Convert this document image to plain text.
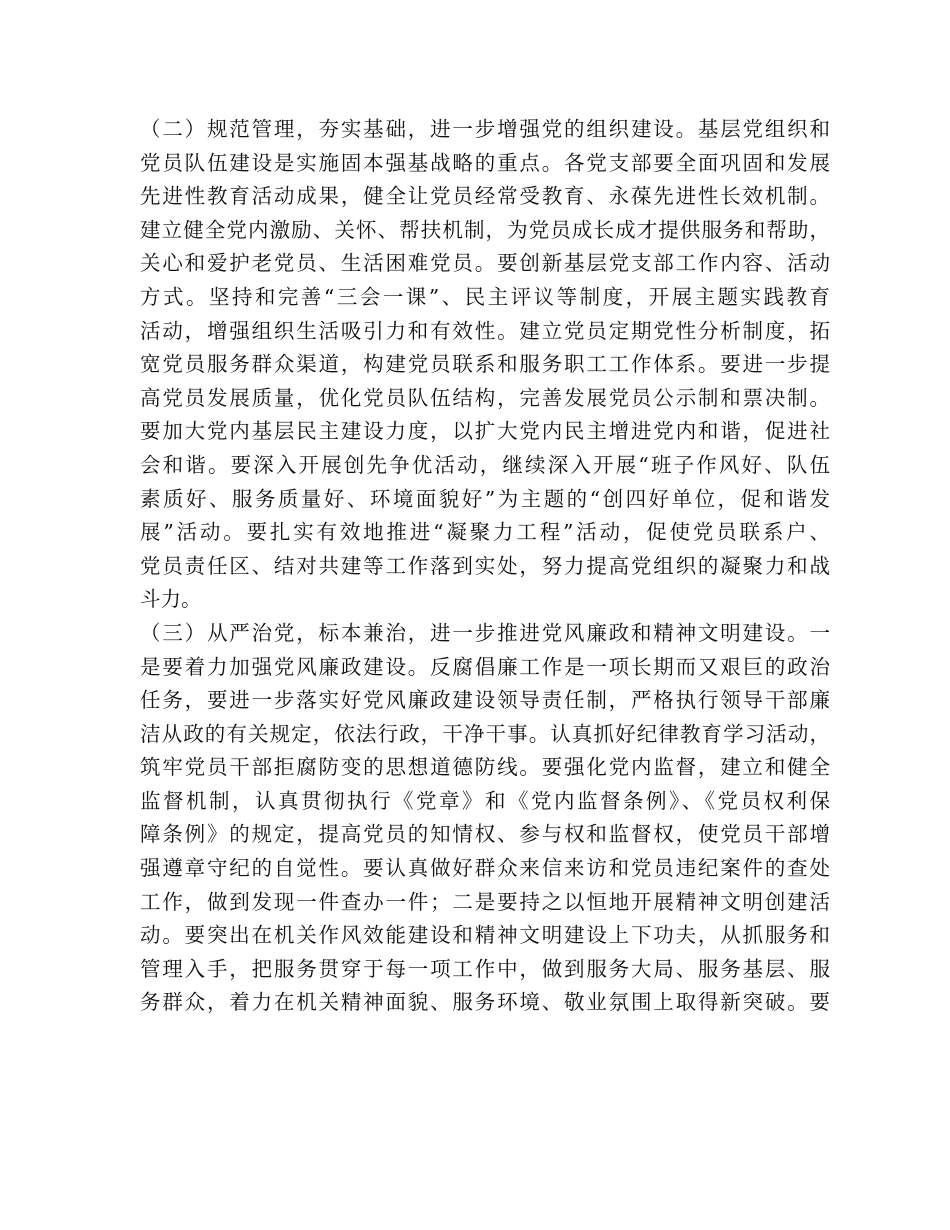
（二）规范管理，夯实基础，进一步增强党的组织建设。基层党组织和
党员队伍建设是实施固本强基战略的重点。各党支部要全面巩固和发展
先进性教育活动成果，健全让党员经常受教育、永葆先进性长效机制。
建立健全党内激励、关怀、帮扶机制，为党员成长成才提供服务和帮助，
关心和爱护老党员、生活困难党员。要创新基层党支部工作内容、活动
方式。坚持和完善“三会一课”、民主评议等制度，开展主题实践教育
活动，增强组织生活吸引力和有效性。建立党员定期党性分析制度，拓
宽党员服务群众渠道，构建党员联系和服务职工工作体系。要进一步提
高党员发展质量，优化党员队伍结构，完善发展党员公示制和票决制。
要加大党内基层民主建设力度，以扩大党内民主增进党内和谐，促进社
会和谐。要深入开展创先争优活动，继续深入开展“班子作风好、队伍
素质好、服务质量好、环境面貌好”为主题的“创四好单位，促和谐发
展”活动。要扎实有效地推进“凝聚力工程”活动，促使党员联系户、
党员责任区、结对共建等工作落到实处，努力提高党组织的凝聚力和战
斗力。
（三）从严治党，标本兼治，进一步推进党风廉政和精神文明建设。一
是要着力加强党风廉政建设。反腐倡廉工作是一项长期而又艰巨的政治
任务，要进一步落实好党风廉政建设领导责任制，严格执行领导干部廉
洁从政的有关规定，依法行政，干净干事。认真抓好纪律教育学习活动，
筑牢党员干部拒腐防变的思想道德防线。要强化党内监督，建立和健全
监督机制，认真贯彻执行《党章》和《党内监督条例》、《党员权利保
障条例》的规定，提高党员的知情权、参与权和监督权，使党员干部增
强遵章守纪的自觉性。要认真做好群众来信来访和党员违纪案件的查处
工作，做到发现一件查办一件；二是要持之以恒地开展精神文明创建活
动。要突出在机关作风效能建设和精神文明建设上下功夫，从抓服务和
管理入手，把服务贯穿于每一项工作中，做到服务大局、服务基层、服
务群众，着力在机关精神面貌、服务环境、敬业氛围上取得新突破。要
